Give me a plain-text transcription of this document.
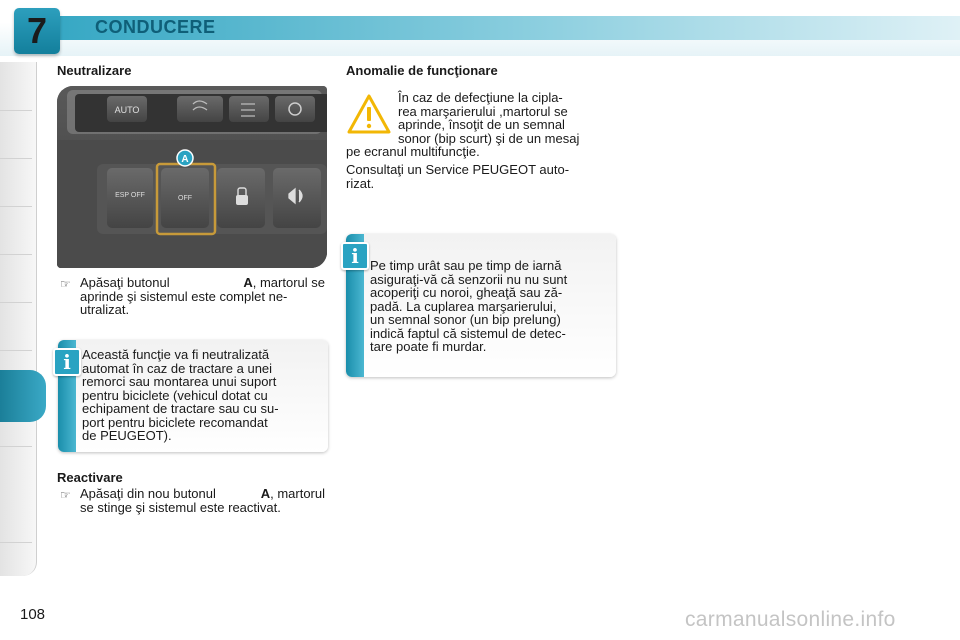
7	CONDUCERE
Neutralizare
AUTO
ESP OFF	OFF
A
☞ Apăsaţi butonul	A, martorul se
aprinde şi sistemul este complet ne-
utralizat.
Această funcţie va fi neutralizată
automat în caz de tractare a unei
remorci sau montarea unui suport
pentru biciclete (vehicul dotat cu
echipament de tractare sau cu su-
port pentru biciclete recomandat
de PEUGEOT).
i
Reactivare
☞ Apăsaţi din nou butonul	A, martorul
se stinge şi sistemul este reactivat.
Anomalie de funcţionare
În caz de defecţiune la cipla-
rea marşarierului ,martorul se
aprinde, însoţit de un semnal
sonor (bip scurt) şi de un mesaj
pe ecranul multifuncţie.
Consultaţi un Service PEUGEOT auto-
rizat.
Pe timp urât sau pe timp de iarnă
asiguraţi-vă că senzorii nu nu sunt
acoperiţi cu noroi, gheaţă sau ză-
padă. La cuplarea marşarierului,
un semnal sonor (un bip prelung)
indică faptul că sistemul de detec-
tare poate fi murdar.
i
108	carmanualsonline.info
